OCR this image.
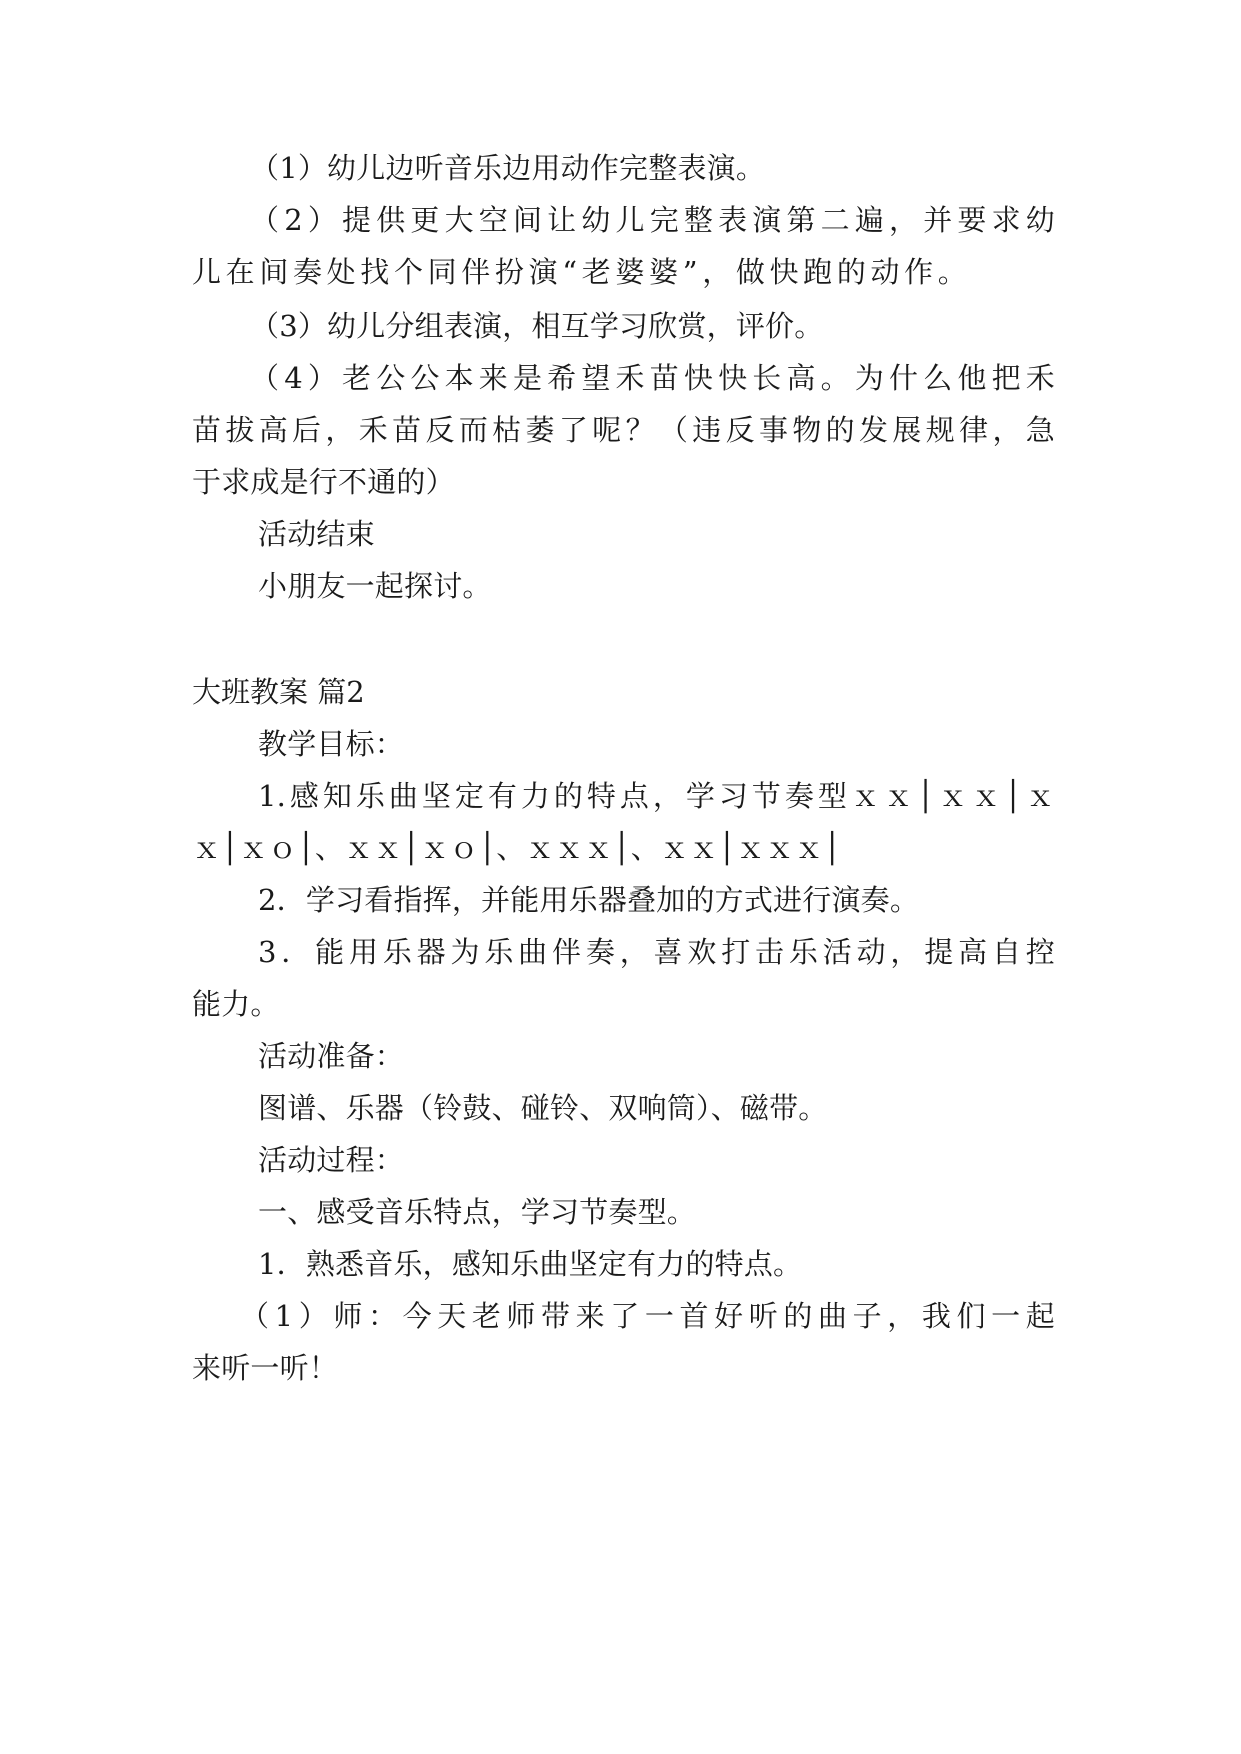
（1）幼儿边听音乐边用动作完整表演。
（2）提供更大空间让幼儿完整表演第二遍，并要求幼
儿在间奏处找个同伴扮演“老婆婆”，做快跑的动作。
（3）幼儿分组表演，相互学习欣赏，评价。
（4）老公公本来是希望禾苗快快长高。为什么他把禾
苗拔高后，禾苗反而枯萎了呢？（违反事物的发展规律，急
于求成是行不通的）
活动结束
小朋友一起探讨。
大班教案 篇2
教学目标：
1.感知乐曲坚定有力的特点，学习节奏型ｘｘ│ｘｘ│ｘ
ｘ│ｘｏ│、ｘｘ│ｘｏ│、ｘｘｘ│、ｘｘ│ｘｘｘ│
2．学习看指挥，并能用乐器叠加的方式进行演奏。
3．能用乐器为乐曲伴奏，喜欢打击乐活动，提高自控
能力。
活动准备：
图谱、乐器（铃鼓、碰铃、双响筒）、磁带。
活动过程：
一、感受音乐特点，学习节奏型。
1．熟悉音乐，感知乐曲坚定有力的特点。
（1）师：今天老师带来了一首好听的曲子，我们一起
来听一听！
